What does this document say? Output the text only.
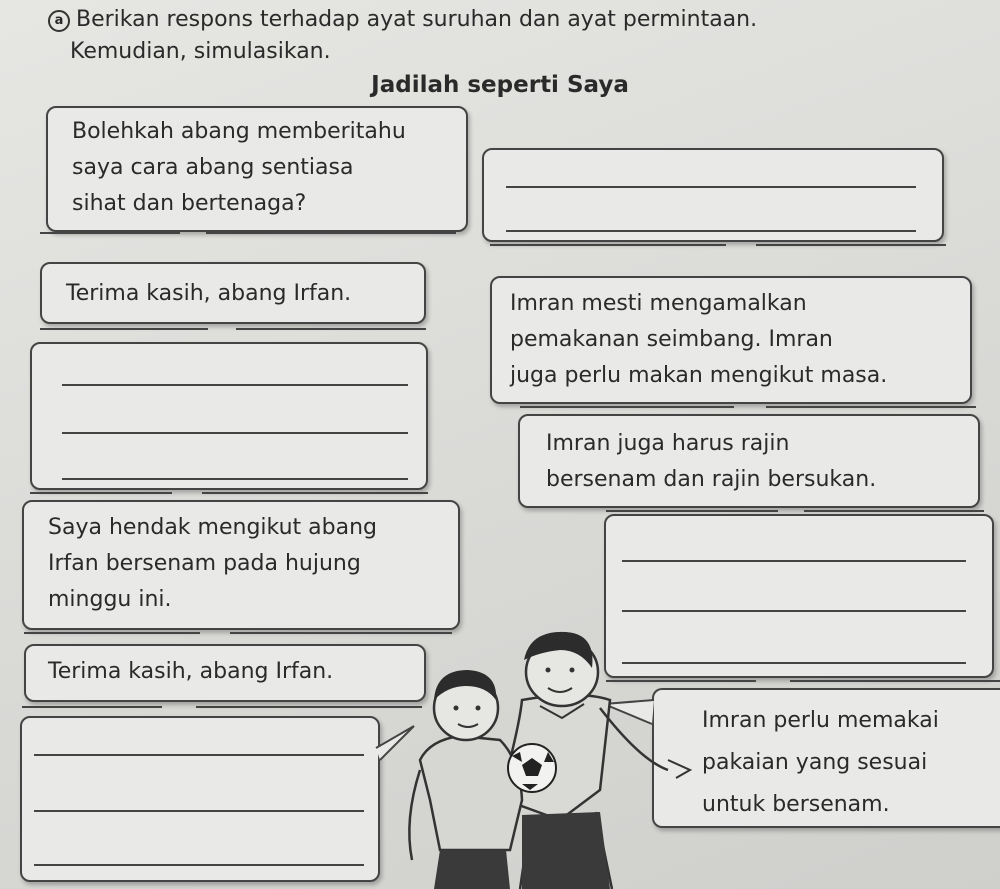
a Berikan respons terhadap ayat suruhan dan ayat permintaan.
Kemudian, simulasikan.
Jadilah seperti Saya
Bolehkah abang memberitahu
saya cara abang sentiasa
sihat dan bertenaga?
Terima kasih, abang Irfan.	Imran mesti mengamalkan
pemakanan seimbang. Imran
juga perlu makan mengikut masa.
Imran juga harus rajin
bersenam dan rajin bersukan.
Saya hendak mengikut abang
Irfan bersenam pada hujung
minggu ini.
Terima kasih, abang Irfan.
Imran perlu memakai
pakaian yang sesuai
untuk bersenam.
